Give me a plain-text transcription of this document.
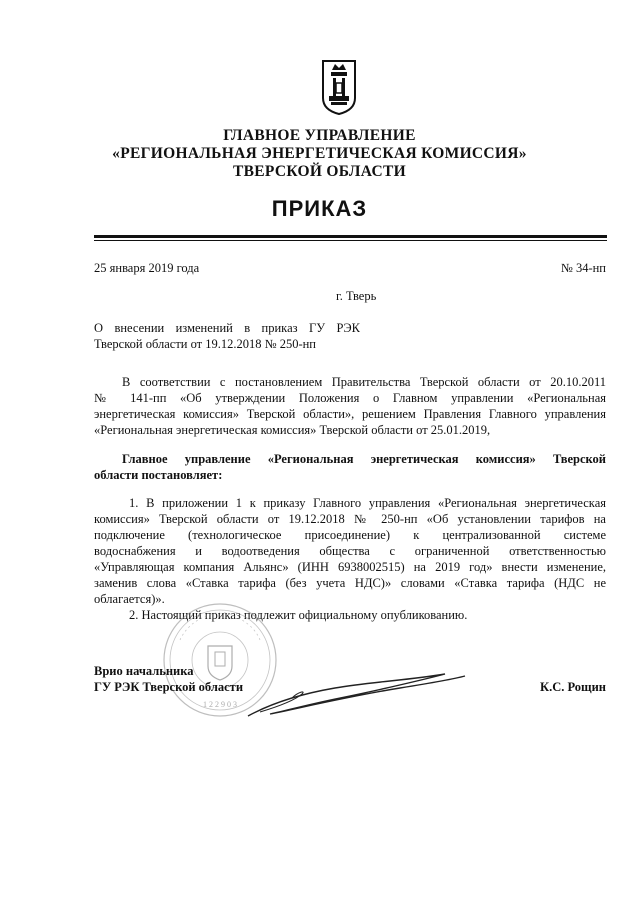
ГЛАВНОЕ УПРАВЛЕНИЕ
«РЕГИОНАЛЬНАЯ ЭНЕРГЕТИЧЕСКАЯ КОМИССИЯ»
ТВЕРСКОЙ ОБЛАСТИ
ПРИКАЗ
25 января 2019 года	№ 34-нп
г. Тверь
О внесении изменений в приказ ГУ РЭК
Тверской области от 19.12.2018 № 250-нп
В соответствии с постановлением Правительства Тверской области от 20.10.2011
№ 141-пп «Об утверждении Положения о Главном управлении «Региональная
энергетическая комиссия» Тверской области», решением Правления Главного управления
«Региональная энергетическая комиссия» Тверской области от 25.01.2019,
Главное управление «Региональная энергетическая комиссия» Тверской
области постановляет:
1. В приложении 1 к приказу Главного управления «Региональная энергетическая
комиссия» Тверской области от 19.12.2018 № 250-нп «Об установлении тарифов на
подключение (технологическое присоединение) к централизованной системе
водоснабжения и водоотведения общества с ограниченной ответственностью
«Управляющая компания Альянс» (ИНН 6938002515) на 2019 год» внести изменение,
заменив слова «Ставка тарифа (без учета НДС)» словами «Ставка тарифа (НДС не
облагается)».
2. Настоящий приказ подлежит официальному опубликованию.
1 2 2 9 0 3
Врио начальника
ГУ РЭК Тверской области	К.С. Рощин
